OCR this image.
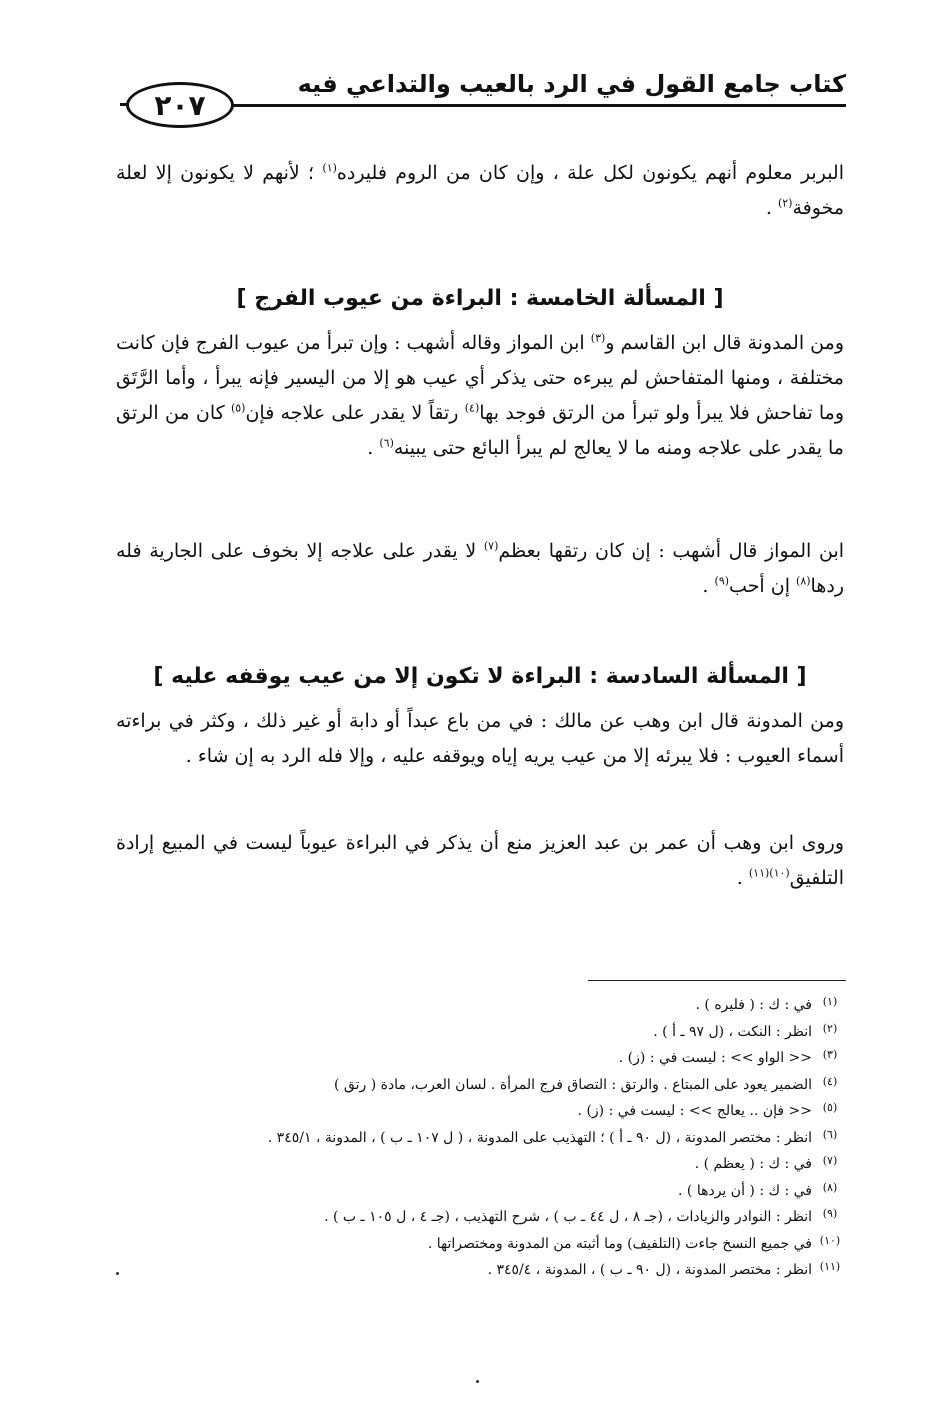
كتاب جامع القول في الرد بالعيب والتداعي فيه
٢٠٧
البربر معلوم أنهم يكونون لكل علة ، وإن كان من الروم فليرده$^{(١)}$ ؛ لأنهم لا يكونون إلا لعلة مخوفة$^{(٢)}$ .
[ المسألة الخامسة : البراءة من عيوب الفرج ]
ومن المدونة قال ابن القاسم و$^{(٣)}$ ابن المواز وقاله أشهب : وإن تبرأ من عيوب الفرج فإن كانت مختلفة ، ومنها المتفاحش لم يبرءه حتى يذكر أي عيب هو إلا من اليسير فإنه يبرأ ، وأما الرَّتَق وما تفاحش فلا يبرأ ولو تبرأ من الرتق فوجد بها$^{(٤)}$ رتقاً لا يقدر على علاجه فإن$^{(٥)}$ كان من الرتق ما يقدر على علاجه ومنه ما لا يعالج لم يبرأ البائع حتى يبينه$^{(٦)}$ .
ابن المواز قال أشهب : إن كان رتقها بعظم$^{(٧)}$ لا يقدر على علاجه إلا بخوف على الجارية فله ردها$^{(٨)}$ إن أحب$^{(٩)}$ .
[ المسألة السادسة : البراءة لا تكون إلا من عيب يوقفه عليه ]
ومن المدونة قال ابن وهب عن مالك : في من باع عبداً أو دابة أو غير ذلك ، وكثر في براءته أسماء العيوب : فلا يبرئه إلا من عيب يريه إياه ويوقفه عليه ، وإلا فله الرد به إن شاء .
وروى ابن وهب أن عمر بن عبد العزيز منع أن يذكر في البراءة عيوباً ليست في المبيع إرادة التلفيق$^{(١٠)(١١)}$ .
(١)
في : ك : ( فليره ) .
(٢)
انظر : النكت ، (ل ٩٧ ـ أ ) .
(٣)
<< الواو >> : ليست في : (ز) .
(٤)
الضمير يعود على المبتاع . والرتق : التصاق فرج المرأة . لسان العرب، مادة ( رتق )
(٥)
<< فإن .. يعالج >> : ليست في : (ز) .
(٦)
انظر : مختصر المدونة ، (ل ٩٠ ـ أ ) ؛ التهذيب على المدونة ، ( ل ١٠٧ ـ ب ) ، المدونة ، ٣٤٥/١ .
(٧)
في : ك : ( يعظم ) .
(٨)
في : ك : ( أن يردها ) .
(٩)
انظر : النوادر والزيادات ، (جـ ٨ ، ل ٤٤ ـ ب ) ، شرح التهذيب ، (جـ ٤ ، ل ١٠٥ ـ ب ) .
(١٠)
في جميع النسخ جاءت (التلفيف) وما أثبته من المدونة ومختصراتها .
(١١)
انظر : مختصر المدونة ، (ل ٩٠ ـ ب ) ، المدونة ، ٣٤٥/٤ .
